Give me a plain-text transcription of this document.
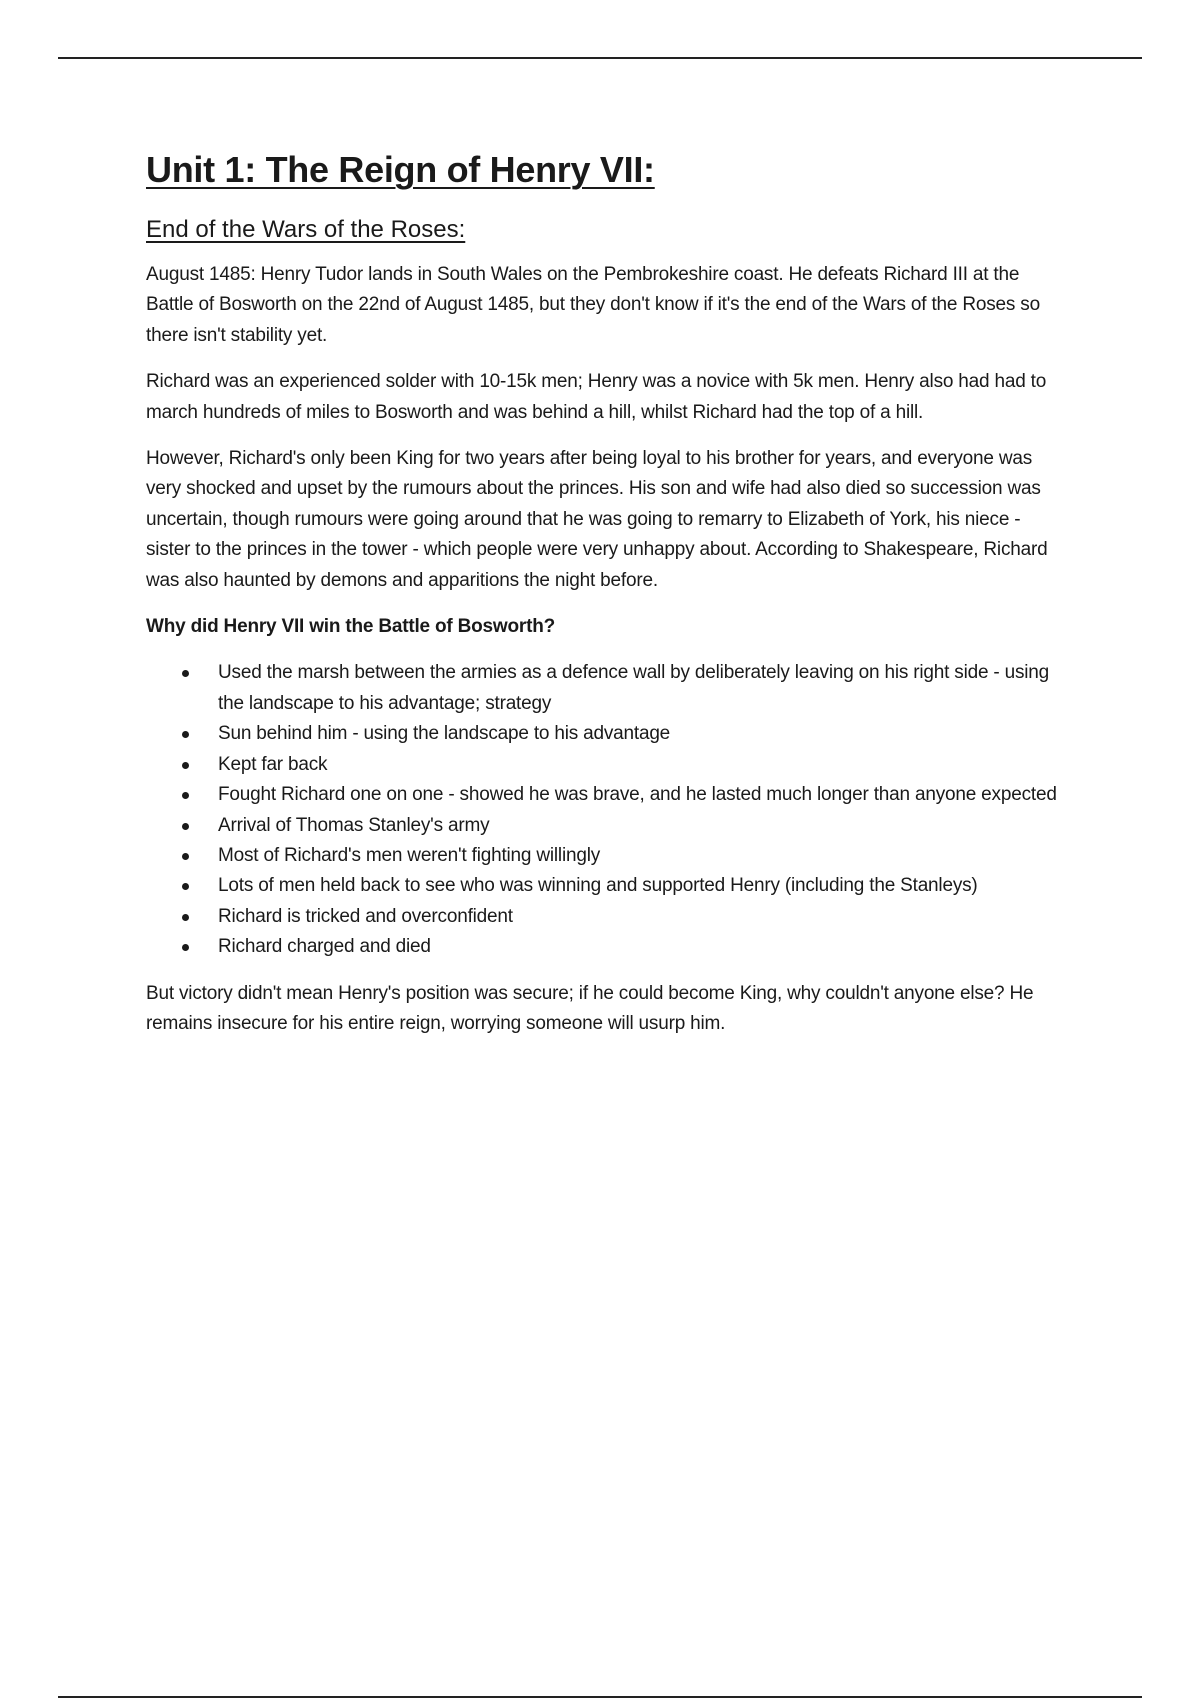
Unit 1: The Reign of Henry VII:
End of the Wars of the Roses:

August 1485: Henry Tudor lands in South Wales on the Pembrokeshire coast. He defeats Richard III at the Battle of Bosworth on the 22nd of August 1485, but they don't know if it's the end of the Wars of the Roses so there isn't stability yet.

Richard was an experienced solder with 10-15k men; Henry was a novice with 5k men. Henry also had had to march hundreds of miles to Bosworth and was behind a hill, whilst Richard had the top of a hill.

However, Richard's only been King for two years after being loyal to his brother for years, and everyone was very shocked and upset by the rumours about the princes. His son and wife had also died so succession was uncertain, though rumours were going around that he was going to remarry to Elizabeth of York, his niece - sister to the princes in the tower - which people were very unhappy about. According to Shakespeare, Richard was also haunted by demons and apparitions the night before.

Why did Henry VII win the Battle of Bosworth?

Used the marsh between the armies as a defence wall by deliberately leaving on his right side - using the landscape to his advantage; strategy
Sun behind him - using the landscape to his advantage
Kept far back
Fought Richard one on one - showed he was brave, and he lasted much longer than anyone expected
Arrival of Thomas Stanley's army
Most of Richard's men weren't fighting willingly
Lots of men held back to see who was winning and supported Henry (including the Stanleys)
Richard is tricked and overconfident
Richard charged and died

But victory didn't mean Henry's position was secure; if he could become King, why couldn't anyone else? He remains insecure for his entire reign, worrying someone will usurp him.
